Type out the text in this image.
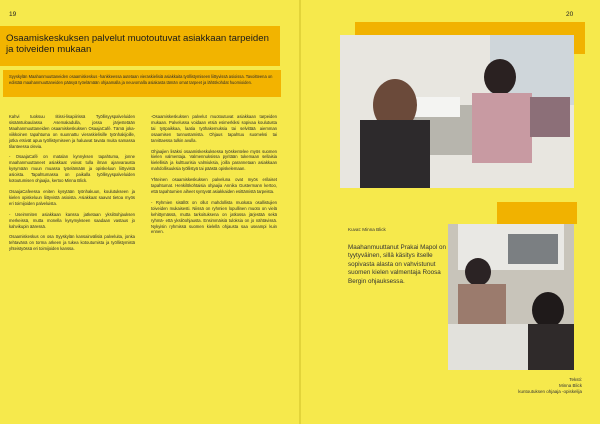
19	20
Osaamiskeskuksen palvelut muotoutuvat asiakkaan tarpeiden ja toiveiden mukaan

Syyskylän Maahanmuuttaneiden osaamiskeskus -hankkeessa autetaan vieraskielisiä asiakkaita työllistymiseen liittyvissä asioissa. Tavoitteena on edistää maahanmuuttaneiden pääsyä työelämään ohjaamalla ja neuvomalla asiakasta tämän omat tarpeet ja lähtökohdat huomioiden.

Kahvi tuoksuu Iitissi-lisapiirissä Työllisyyspalveluiden sisääntuloaulassa Asemakadulla, jossa järjestetään Maahanmuuttaneiden osaamiskeskuksen OsaajaCafé. Tämä joka-viikkoinen tapahtuma on suunnattu vieraskielisille työnhakijoille, jotka etsivät apua työllistymiseen ja haluavat tavata muita samassa tilanteessa olevia.

- OsaajaCafé on matalan kynnyksen tapahtuma, jonne maahanmuuttaneet asiakkaat voivat tulla ilman ajanvarausta kysymään muun muassa työelämään ja opiskeluun liittyvistä asioista. Tapahtumassa on paikalla työllisyyspalveluiden kotoutumisen ohjaajia, kertoo Minna Blick.

OsaajaCafeessa eniten kysytään työnhakuun, koulutukseen ja kielen opiskeluun liittyvistä asioista. Asiakkaat saavat tietoa myös eri toimijoiden palveluista.

- Useimmiten asiakkaan kanssa jatketaan yksilöohjauksen merkeissä, mutta monella kysymykseen saadaan vastaus jo kahvikupin ääressä.

Osaamiskeskus on osa Syyskylän kansainvälisiä palveluita, jonka tehtavänä on torma arkeen ja tukea kotoutumista ja työllistymistä yhteistyössä eri toimijoiden kanssa.

-Osaamiskeskuksen palvelut muotoutuvat asiakkaan tarpeiden mukaan. Palvelussa voidaan etsiä esimerkiksi sopivaa koulutusta tai työpaikkaa, laatia työhakemuksia tai selvittää aiemman osaamisen tunnustamista. Ohjaus tapahtuu suomeksi tai tarvittaessa tulkin avulla.

Ohjaajien lisäksi osaamiskeskuksessa työskentelee myös suomen kielen valmentaja. Valmennuksissa pyritään tukemaan sellaisia kielellisiä ja kulttuurisia valmiuksia, joilla parannetaan asiakkaan mahdollisuuksia työllistyä tai päästä opiskelemaan.

Yhteinen osaamiskeskuksen palveluna ovat myös erilaiset tapahtumat. Henkilökohtaisia ohjaajia Annika Gustermann kertoo, että tapahtumien aiheet syntyvät asiakkaiden esittämistä tarpeista.

- Ryhmien sisällöt on ollut mahdollista muokata osallistujien toiveiden mukaisesti. Niissä on ryhmien lopullinen muoto on vielä kehittymässä, mutta tarkoituksena on jatkossa järjestää sekä ryhmä- että yksilöohjausta. Ensimmäisiä tuloksia on jo nähtävissä. Nykyisin ryhmissä suomen kielellä ohjausta saa useampi kuin ennen.	Kuvat: Minna Blick
Maahanmuuttanut Prakai Mapol on tyytyväinen, sillä käsitys itselle sopivasta alasta on vahvistunut suomen kielen valmentaja Roosa Bergin ohjauksessa.
Teksti:
Minna Blick
kuntoutuksen ohjaaja -opiskelija
